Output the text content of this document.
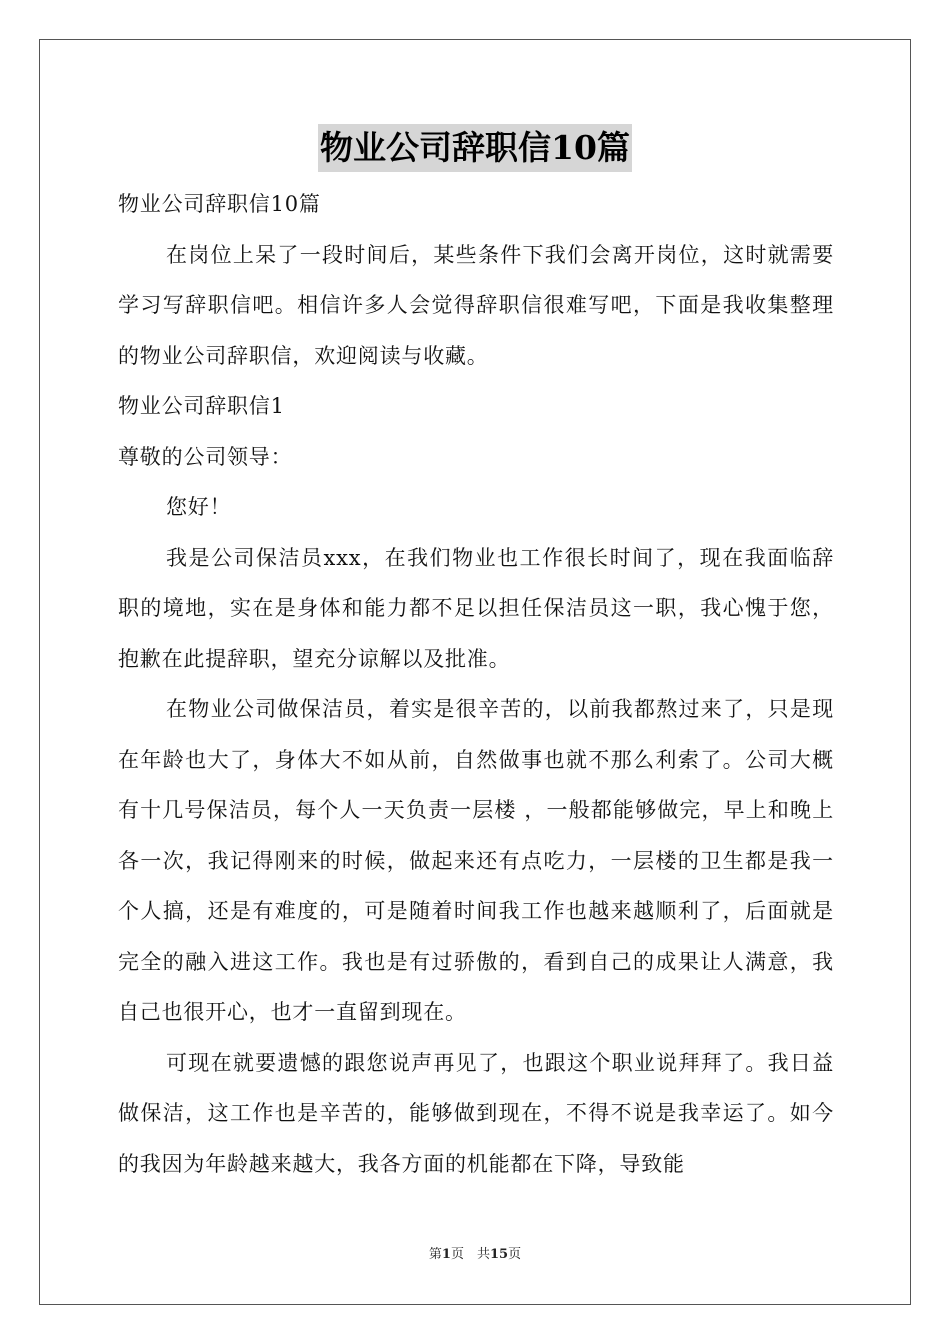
物业公司辞职信10篇

物业公司辞职信10篇

在岗位上呆了一段时间后，某些条件下我们会离开岗位，这时就需要学习写辞职信吧。相信许多人会觉得辞职信很难写吧，下面是我收集整理的物业公司辞职信，欢迎阅读与收藏。

物业公司辞职信1

尊敬的公司领导：

您好！

我是公司保洁员xxx，在我们物业也工作很长时间了，现在我面临辞职的境地，实在是身体和能力都不足以担任保洁员这一职，我心愧于您，抱歉在此提辞职，望充分谅解以及批准。

在物业公司做保洁员，着实是很辛苦的，以前我都熬过来了，只是现在年龄也大了，身体大不如从前，自然做事也就不那么利索了。公司大概有十几号保洁员，每个人一天负责一层楼 ，一般都能够做完，早上和晚上各一次，我记得刚来的时候，做起来还有点吃力，一层楼的卫生都是我一个人搞，还是有难度的，可是随着时间我工作也越来越顺利了，后面就是完全的融入进这工作。我也是有过骄傲的，看到自己的成果让人满意，我自己也很开心，也才一直留到现在。

可现在就要遗憾的跟您说声再见了，也跟这个职业说拜拜了。我日益做保洁，这工作也是辛苦的，能够做到现在，不得不说是我幸运了。如今的我因为年龄越来越大，我各方面的机能都在下降，导致能

第1页　共15页
